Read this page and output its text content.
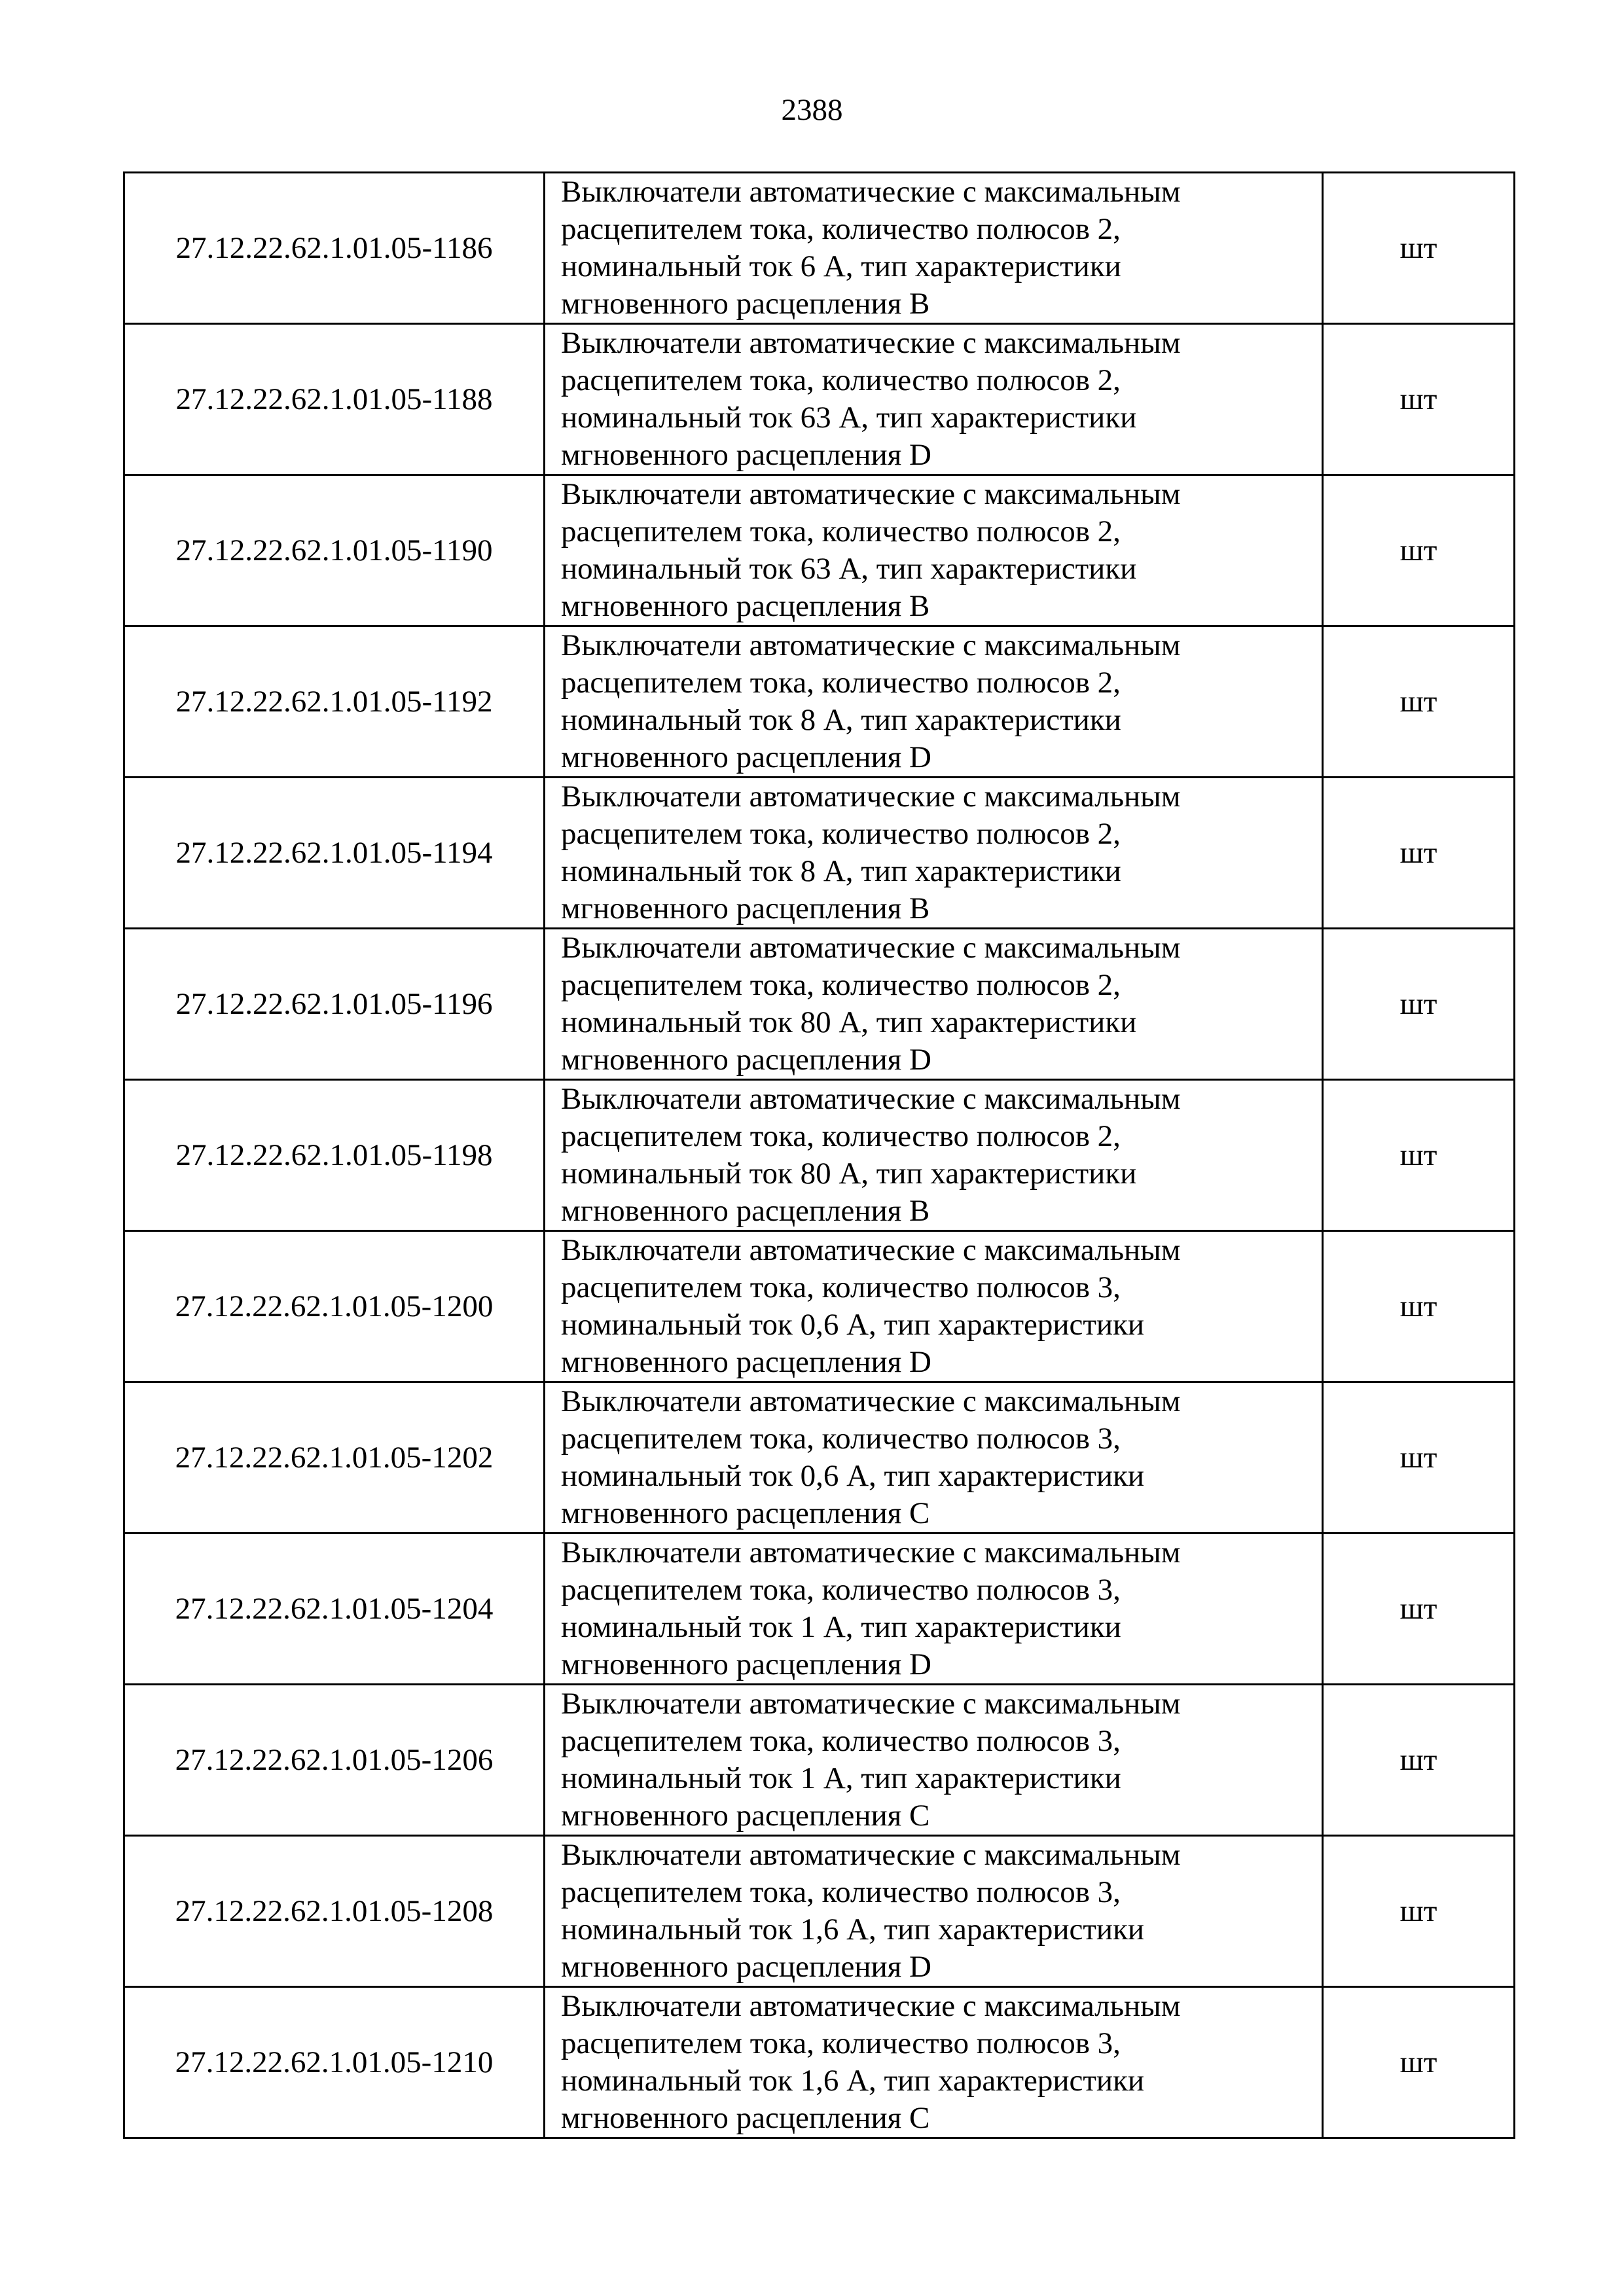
2388
27.12.22.62.1.01.05-1186	Выключатели автоматические с максимальным
расцепителем тока, количество полюсов 2,
номинальный ток 6 А, тип характеристики
мгновенного расцепления B	шт
27.12.22.62.1.01.05-1188	Выключатели автоматические с максимальным
расцепителем тока, количество полюсов 2,
номинальный ток 63 А, тип характеристики
мгновенного расцепления D	шт
27.12.22.62.1.01.05-1190	Выключатели автоматические с максимальным
расцепителем тока, количество полюсов 2,
номинальный ток 63 А, тип характеристики
мгновенного расцепления B	шт
27.12.22.62.1.01.05-1192	Выключатели автоматические с максимальным
расцепителем тока, количество полюсов 2,
номинальный ток 8 А, тип характеристики
мгновенного расцепления D	шт
27.12.22.62.1.01.05-1194	Выключатели автоматические с максимальным
расцепителем тока, количество полюсов 2,
номинальный ток 8 А, тип характеристики
мгновенного расцепления B	шт
27.12.22.62.1.01.05-1196	Выключатели автоматические с максимальным
расцепителем тока, количество полюсов 2,
номинальный ток 80 А, тип характеристики
мгновенного расцепления D	шт
27.12.22.62.1.01.05-1198	Выключатели автоматические с максимальным
расцепителем тока, количество полюсов 2,
номинальный ток 80 А, тип характеристики
мгновенного расцепления B	шт
27.12.22.62.1.01.05-1200	Выключатели автоматические с максимальным
расцепителем тока, количество полюсов 3,
номинальный ток 0,6 А, тип характеристики
мгновенного расцепления D	шт
27.12.22.62.1.01.05-1202	Выключатели автоматические с максимальным
расцепителем тока, количество полюсов 3,
номинальный ток 0,6 А, тип характеристики
мгновенного расцепления C	шт
27.12.22.62.1.01.05-1204	Выключатели автоматические с максимальным
расцепителем тока, количество полюсов 3,
номинальный ток 1 А, тип характеристики
мгновенного расцепления D	шт
27.12.22.62.1.01.05-1206	Выключатели автоматические с максимальным
расцепителем тока, количество полюсов 3,
номинальный ток 1 А, тип характеристики
мгновенного расцепления C	шт
27.12.22.62.1.01.05-1208	Выключатели автоматические с максимальным
расцепителем тока, количество полюсов 3,
номинальный ток 1,6 А, тип характеристики
мгновенного расцепления D	шт
27.12.22.62.1.01.05-1210	Выключатели автоматические с максимальным
расцепителем тока, количество полюсов 3,
номинальный ток 1,6 А, тип характеристики
мгновенного расцепления C	шт
